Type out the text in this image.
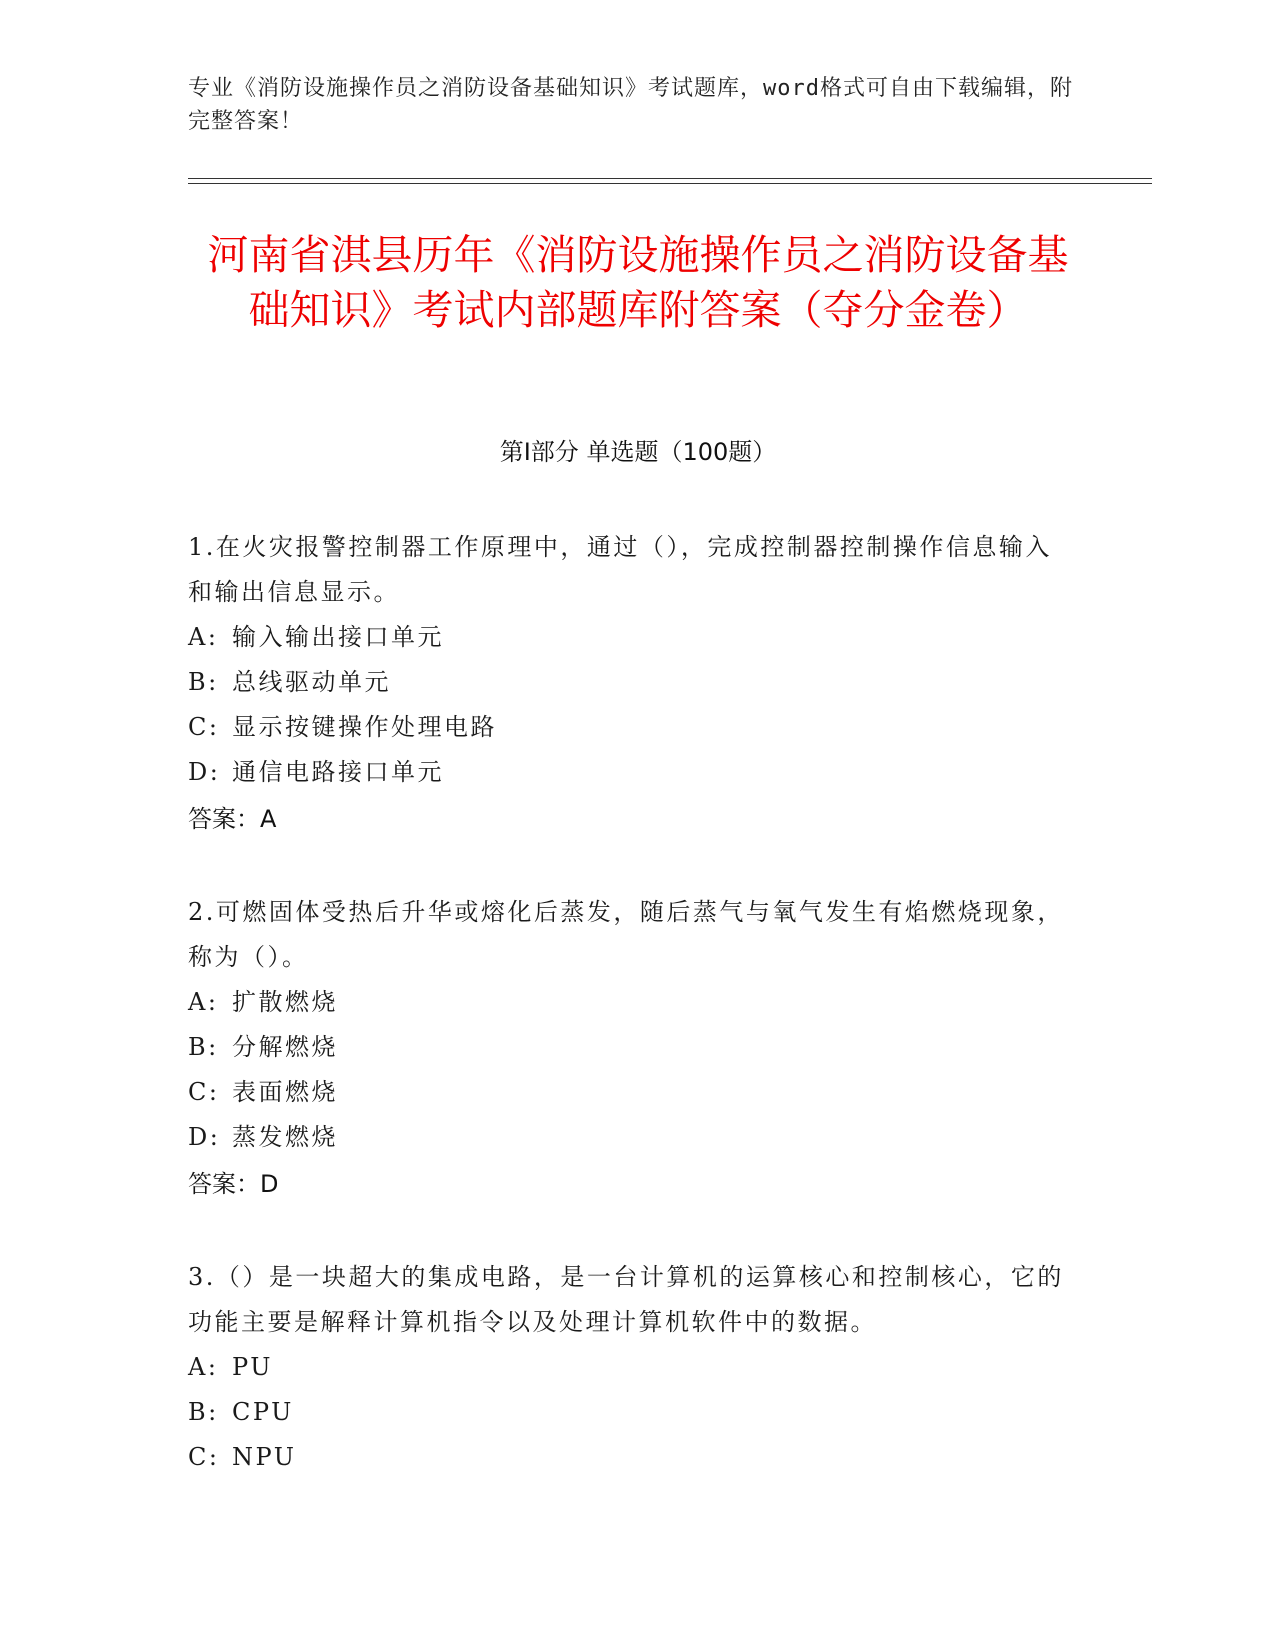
专业《消防设施操作员之消防设备基础知识》考试题库，word格式可自由下载编辑，附完整答案！
河南省淇县历年《消防设施操作员之消防设备基础知识》考试内部题库附答案（夺分金卷）
第Ⅰ部分 单选题（100题）
1.在火灾报警控制器工作原理中，通过（），完成控制器控制操作信息输入和输出信息显示。
A: 输入输出接口单元
B: 总线驱动单元
C: 显示按键操作处理电路
D: 通信电路接口单元
答案：A
2.可燃固体受热后升华或熔化后蒸发，随后蒸气与氧气发生有焰燃烧现象，称为（）。
A: 扩散燃烧
B: 分解燃烧
C: 表面燃烧
D: 蒸发燃烧
答案：D
3.（）是一块超大的集成电路，是一台计算机的运算核心和控制核心，它的功能主要是解释计算机指令以及处理计算机软件中的数据。
A: PU
B: CPU
C: NPU
